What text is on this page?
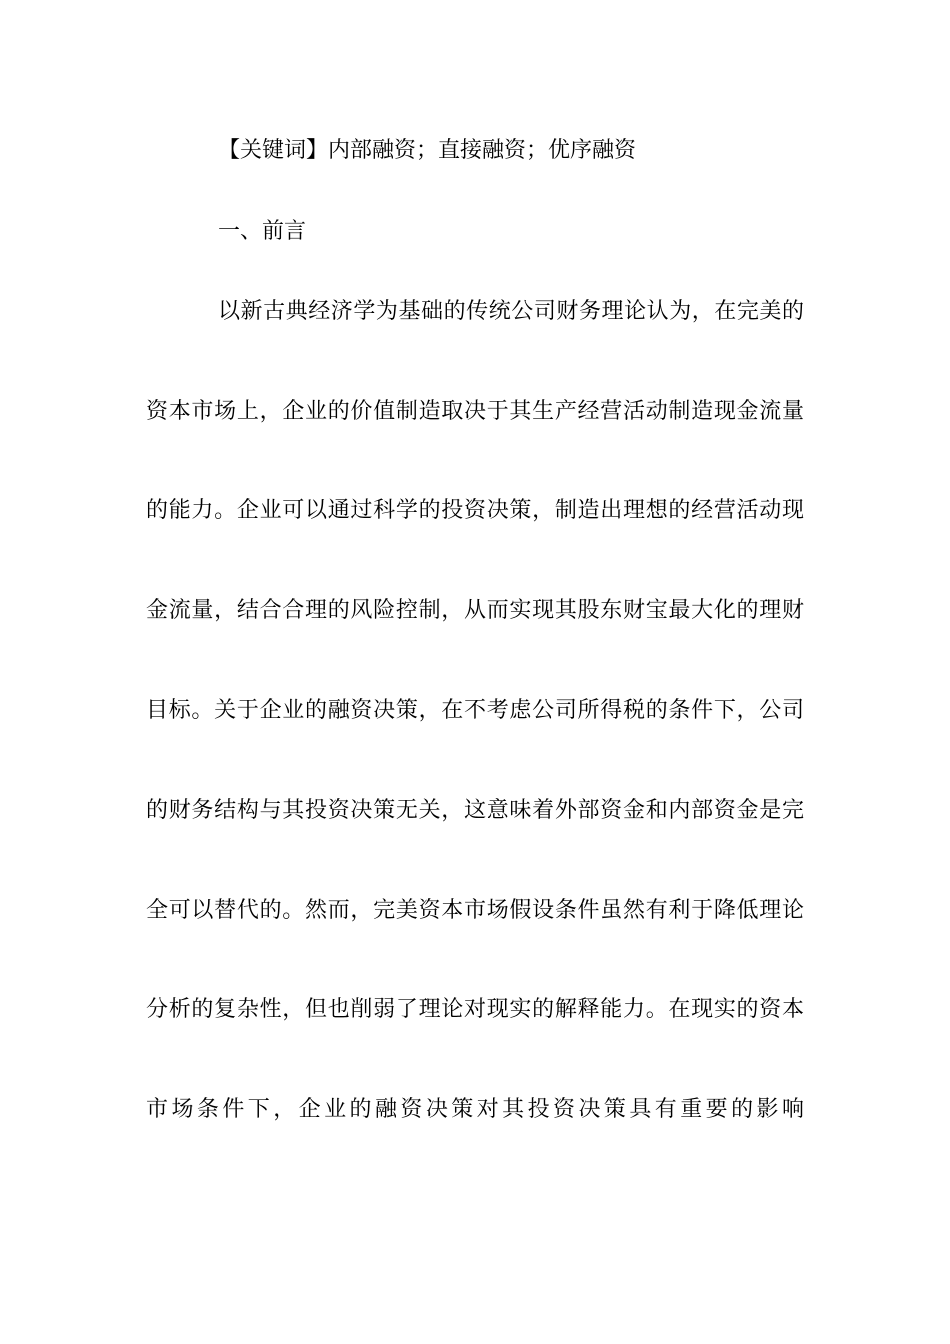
【关键词】内部融资；直接融资；优序融资
一、前言
以新古典经济学为基础的传统公司财务理论认为，在完美的
资本市场上，企业的价值制造取决于其生产经营活动制造现金流量
的能力。企业可以通过科学的投资决策，制造出理想的经营活动现
金流量，结合合理的风险控制，从而实现其股东财宝最大化的理财
目标。关于企业的融资决策，在不考虑公司所得税的条件下，公司
的财务结构与其投资决策无关，这意味着外部资金和内部资金是完
全可以替代的。然而，完美资本市场假设条件虽然有利于降低理论
分析的复杂性，但也削弱了理论对现实的解释能力。在现实的资本
市场条件下，企业的融资决策对其投资决策具有重要的影响
